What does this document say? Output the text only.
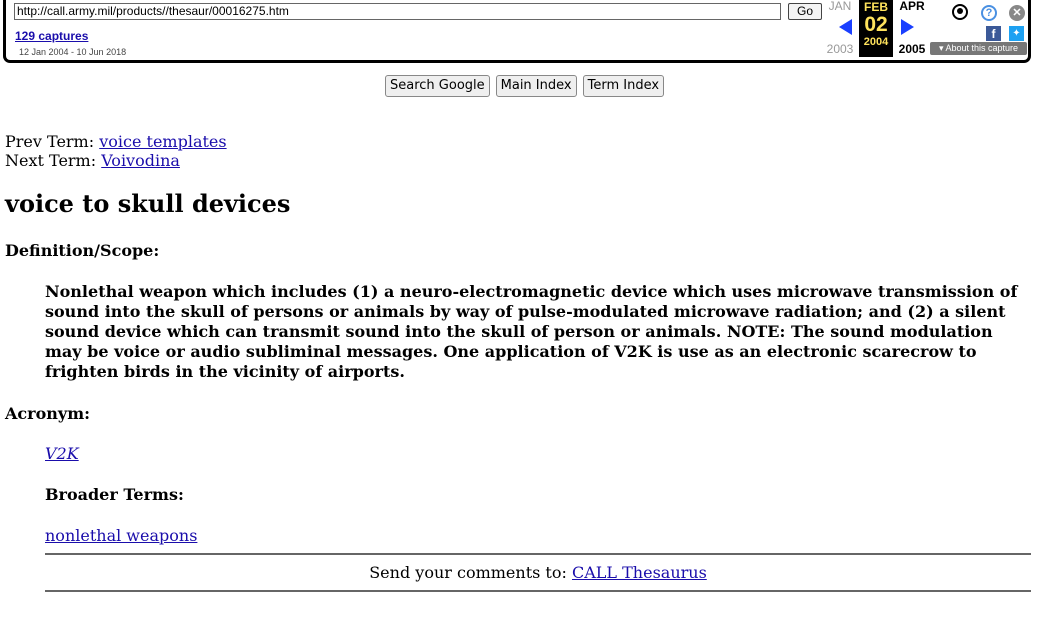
http://call.army.mil/products//thesaur/00016275.htm	Go
129 captures
12 Jan 2004 - 10 Jun 2018
JAN	APR
2003	2005
FEB
02
2004
?	✕
f	✦
▾ About this capture
Search Google	Main Index	Term Index
Prev Term: voice templates
Next Term: Voivodina
voice to skull devices
Definition/Scope:

Nonlethal weapon which includes (1) a neuro-electromagnetic device which uses microwave transmission of sound into the skull of persons or animals by way of pulse-modulated microwave radiation; and (2) a silent sound device which can transmit sound into the skull of person or animals. NOTE: The sound modulation may be voice or audio subliminal messages. One application of V2K is use as an electronic scarecrow to frighten birds in the vicinity of airports.

Acronym:
V2K
Broader Terms:
nonlethal weapons
Send your comments to: CALL Thesaurus
